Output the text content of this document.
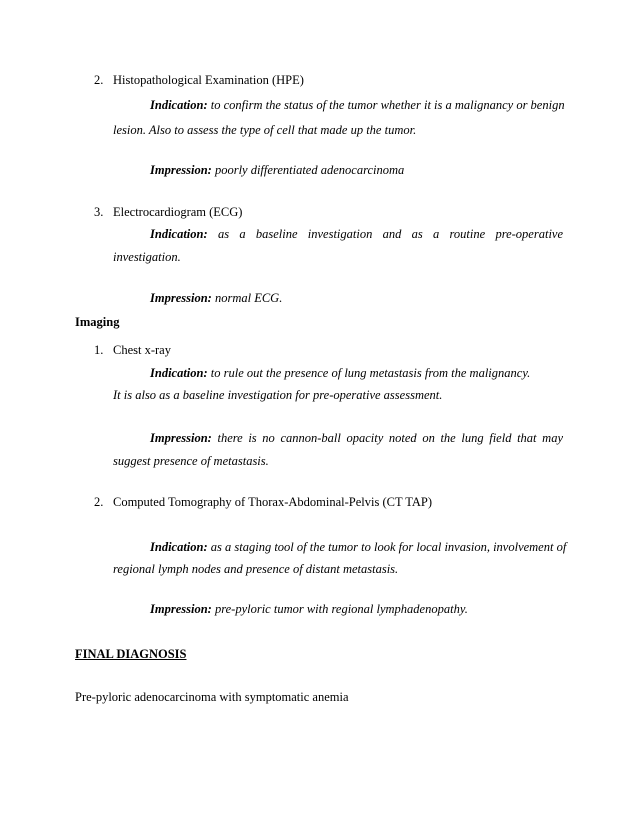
2. Histopathological Examination (HPE)
Indication: to confirm the status of the tumor whether it is a malignancy or benign
lesion. Also to assess the type of cell that made up the tumor.
Impression: poorly differentiated adenocarcinoma
3. Electrocardiogram (ECG)
Indication: as a baseline investigation and as a routine pre-operative
investigation.
Impression: normal ECG.
Imaging
1. Chest x-ray
Indication: to rule out the presence of lung metastasis from the malignancy.
It is also as a baseline investigation for pre-operative assessment.
Impression: there is no cannon-ball opacity noted on the lung field that may
suggest presence of metastasis.
2. Computed Tomography of Thorax-Abdominal-Pelvis (CT TAP)
Indication: as a staging tool of the tumor to look for local invasion, involvement of
regional lymph nodes and presence of distant metastasis.
Impression: pre-pyloric tumor with regional lymphadenopathy.
FINAL DIAGNOSIS
Pre-pyloric adenocarcinoma with symptomatic anemia
